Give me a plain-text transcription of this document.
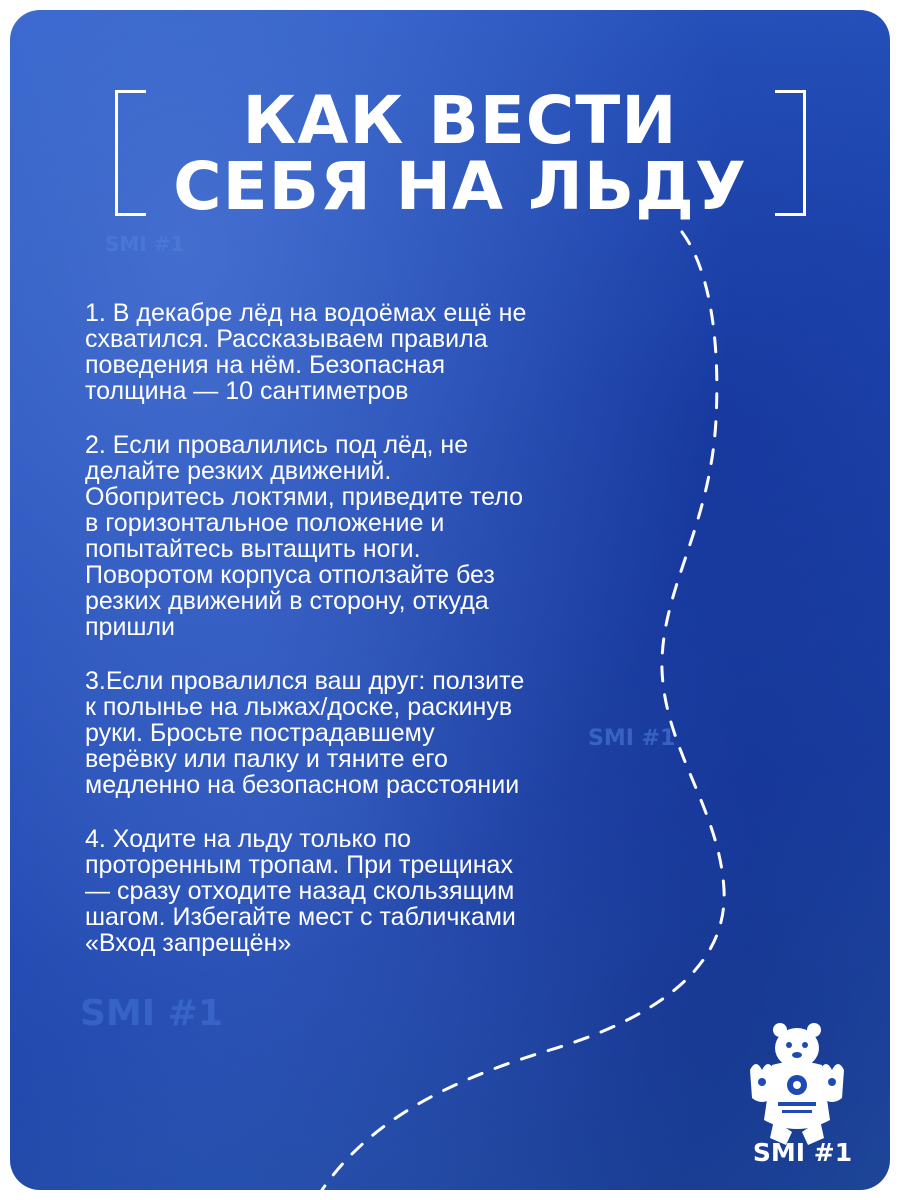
КАК ВЕСТИ
СЕБЯ НА ЛЬДУ
SMI #1
SMI #1
SMI #1
1. В декабре лёд на водоёмах ещё не
схватился. Рассказываем правила
поведения на нём. Безопасная
толщина — 10 сантиметров
2. Если провалились под лёд, не
делайте резких движений.
Обопритесь локтями, приведите тело
в горизонтальное положение и
попытайтесь вытащить ноги.
Поворотом корпуса отползайте без
резких движений в сторону, откуда
пришли
3.Если провалился ваш друг: ползите
к полынье на лыжах/доске, раскинув
руки. Бросьте пострадавшему
верёвку или палку и тяните его
медленно на безопасном расстоянии
4. Ходите на льду только по
проторенным тропам. При трещинах
— сразу отходите назад скользящим
шагом. Избегайте мест с табличками
«Вход запрещён»
SMI #1
